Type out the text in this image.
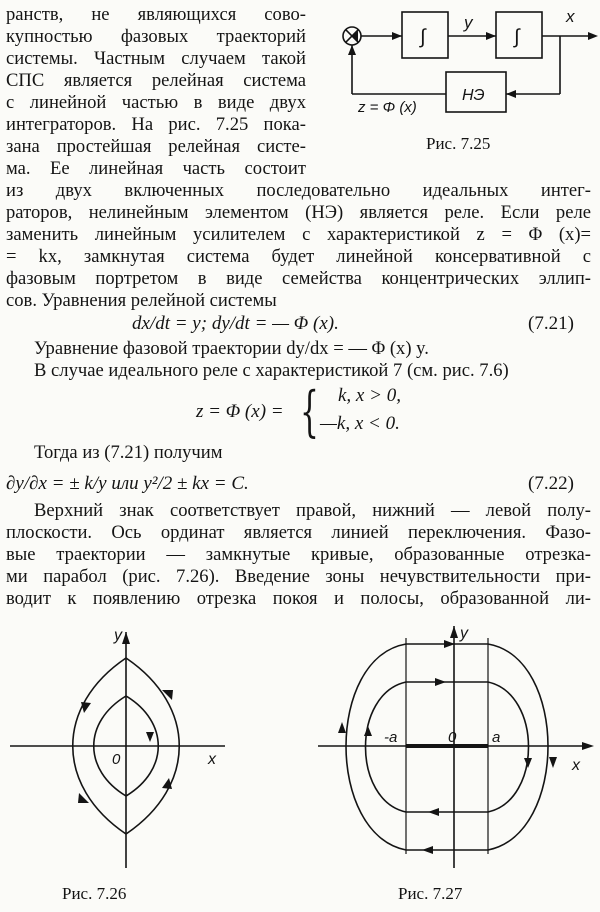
ранств, не являющихся сово-
купностью фазовых траекторий
системы. Частным случаем такой
СПС является релейная система
с линейной частью в виде двух
интеграторов. На рис. 7.25 пока-
зана простейшая релейная систе-
ма. Ее линейная часть состоит
∫	∫
НЭ
y	x
z = Φ (x)
Рис. 7.25
из двух включенных последовательно идеальных интег-
раторов, нелинейным элементом (НЭ) является реле. Если реле
заменить линейным усилителем с характеристикой z = Φ (x)=
= kx, замкнутая система будет линейной консервативной с
фазовым портретом в виде семейства концентрических эллип-
сов. Уравнения релейной системы
dx/dt = y; dy/dt = — Φ (x).	(7.21)
Уравнение фазовой траектории dy/dx = — Φ (x) y.
В случае идеального реле с характеристикой 7 (см. рис. 7.6)
z = Φ (x) = { k, x > 0,
—k, x < 0.
Тогда из (7.21) получим
∂y/∂x = ± k/y или y²/2 ± kx = C.	(7.22)
Верхний знак соответствует правой, нижний — левой полу-
плоскости. Ось ординат является линией переключения. Фазо-
вые траектории — замкнутые кривые, образованные отрезка-
ми парабол (рис. 7.26). Введение зоны нечувствительности при-
водит к появлению отрезка покоя и полосы, образованной ли-
y
x
0
Рис. 7.26
y
x
0
-a	a
Рис. 7.27
